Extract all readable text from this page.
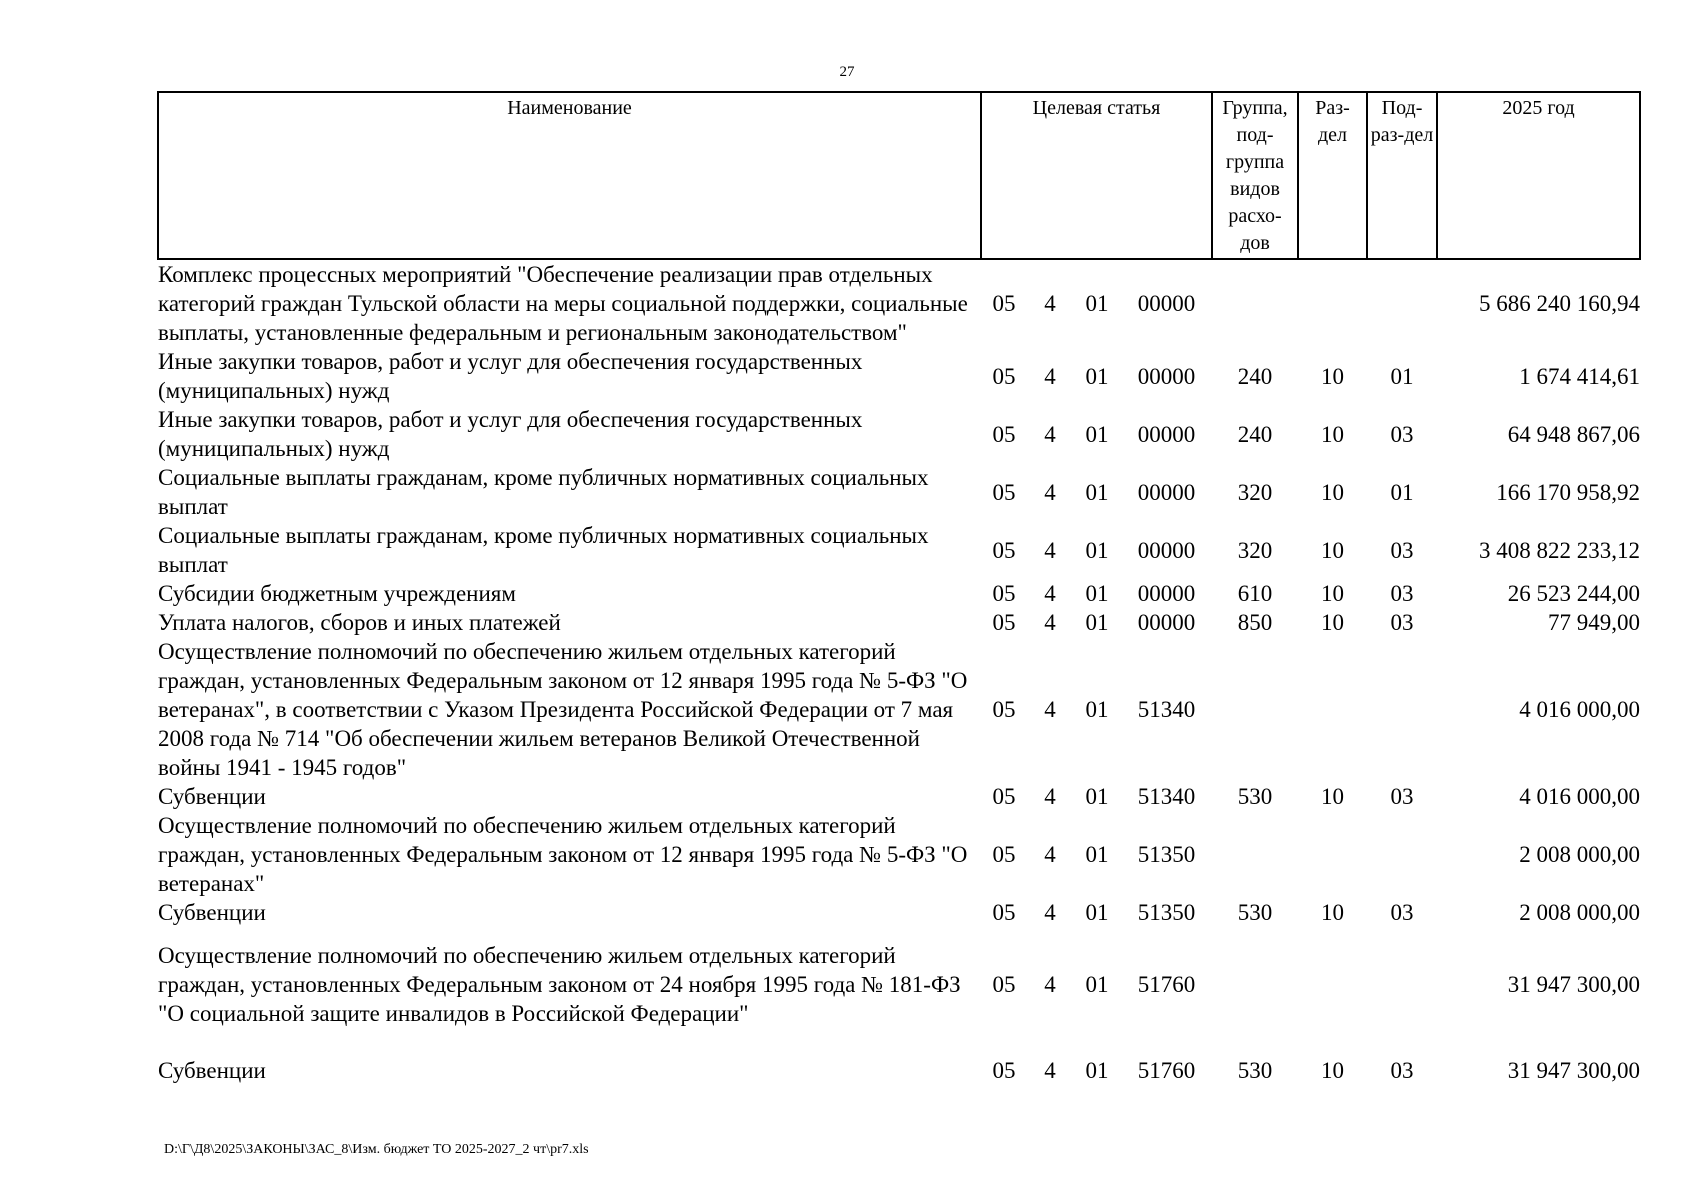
27
Наименование	Целевая статья				Группа, под-группа видов расхо-дов	Раз-дел	Под-раз-дел	2025 год
Комплекс процессных мероприятий "Обеспечение реализации прав отдельных категорий граждан Тульской области на меры социальной поддержки, социальные выплаты, установленные федеральным и региональным законодательством"	05	4	01	00000				5 686 240 160,94
Иные закупки товаров, работ и услуг для обеспечения государственных (муниципальных) нужд	05	4	01	00000	240	10	01	1 674 414,61
Иные закупки товаров, работ и услуг для обеспечения государственных (муниципальных) нужд	05	4	01	00000	240	10	03	64 948 867,06
Социальные выплаты гражданам, кроме публичных нормативных социальных выплат	05	4	01	00000	320	10	01	166 170 958,92
Социальные выплаты гражданам, кроме публичных нормативных социальных выплат	05	4	01	00000	320	10	03	3 408 822 233,12
Субсидии бюджетным учреждениям	05	4	01	00000	610	10	03	26 523 244,00
Уплата налогов, сборов и иных платежей	05	4	01	00000	850	10	03	77 949,00
Осуществление полномочий по обеспечению жильем отдельных категорий граждан, установленных Федеральным законом от 12 января 1995 года № 5-ФЗ "О ветеранах", в соответствии с Указом Президента Российской Федерации от 7 мая 2008 года № 714 "Об обеспечении жильем ветеранов Великой Отечественной войны 1941 - 1945 годов"	05	4	01	51340				4 016 000,00
Субвенции	05	4	01	51340	530	10	03	4 016 000,00
Осуществление полномочий по обеспечению жильем отдельных категорий граждан, установленных Федеральным законом от 12 января 1995 года № 5-ФЗ "О ветеранах"	05	4	01	51350				2 008 000,00
Субвенции	05	4	01	51350	530	10	03	2 008 000,00
Осуществление полномочий по обеспечению жильем отдельных категорий граждан, установленных Федеральным законом от 24 ноября 1995 года № 181-ФЗ "О социальной защите инвалидов в Российской Федерации"	05	4	01	51760				31 947 300,00
Субвенции	05	4	01	51760	530	10	03	31 947 300,00
D:\Г\Д8\2025\ЗАКОНЫ\ЗАС_8\Изм. бюджет ТО 2025-2027_2 чт\pr7.xls
